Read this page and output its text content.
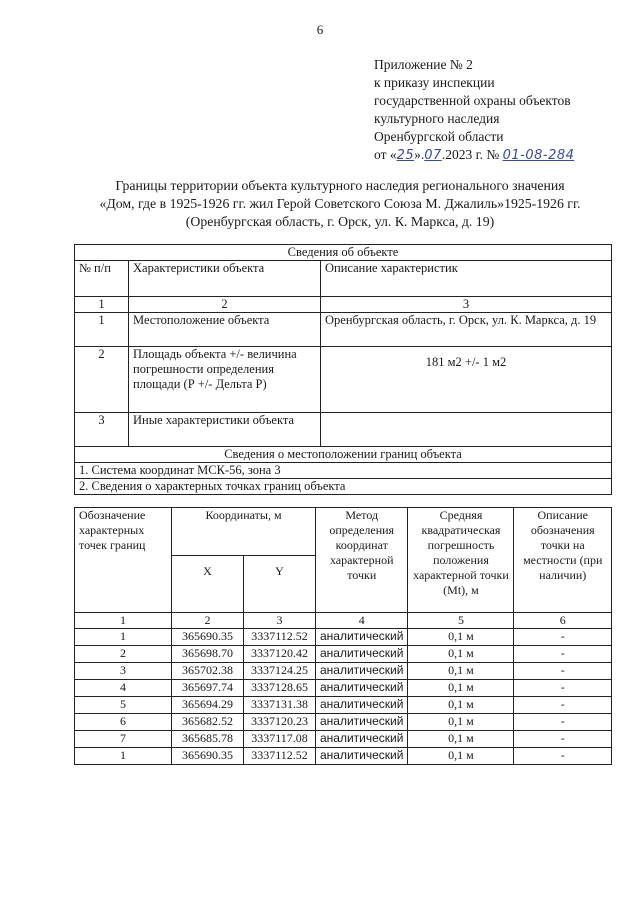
6
Приложение № 2
к приказу инспекции
государственной охраны объектов
культурного наследия
Оренбургской области
от «25».07.2023 г. № 01-08-284
Границы территории объекта культурного наследия регионального значения
«Дом, где в 1925-1926 гг. жил Герой Советского Союза М. Джалиль»1925-1926 гг.
(Оренбургская область, г. Орск, ул. К. Маркса, д. 19)
Сведения об объекте		
№ п/п	Характеристики объекта	Описание характеристик
1	2	3
1	Местоположение объекта	Оренбургская область, г. Орск, ул. К. Маркса, д. 19
2	Площадь объекта +/- величина погрешности определения площади (Р +/- Дельта Р)	181 м2 +/- 1 м2
3	Иные характеристики объекта	
Сведения о местоположении границ объекта		
1. Система координат МСК-56, зона 3		
2. Сведения о характерных точках границ объекта		
Обозначение характерных точек границ	Координаты, м		Метод определения координат характерной точки	Средняя квадратическая погрешность положения характерной точки (Mt), м	Описание обозначения точки на местности (при наличии)
	X	Y			
1	2	3	4	5	6
1	365690.35	3337112.52	аналитический	0,1 м	-
2	365698.70	3337120.42	аналитический	0,1 м	-
3	365702.38	3337124.25	аналитический	0,1 м	-
4	365697.74	3337128.65	аналитический	0,1 м	-
5	365694.29	3337131.38	аналитический	0,1 м	-
6	365682.52	3337120.23	аналитический	0,1 м	-
7	365685.78	3337117.08	аналитический	0,1 м	-
1	365690.35	3337112.52	аналитический	0,1 м	-
